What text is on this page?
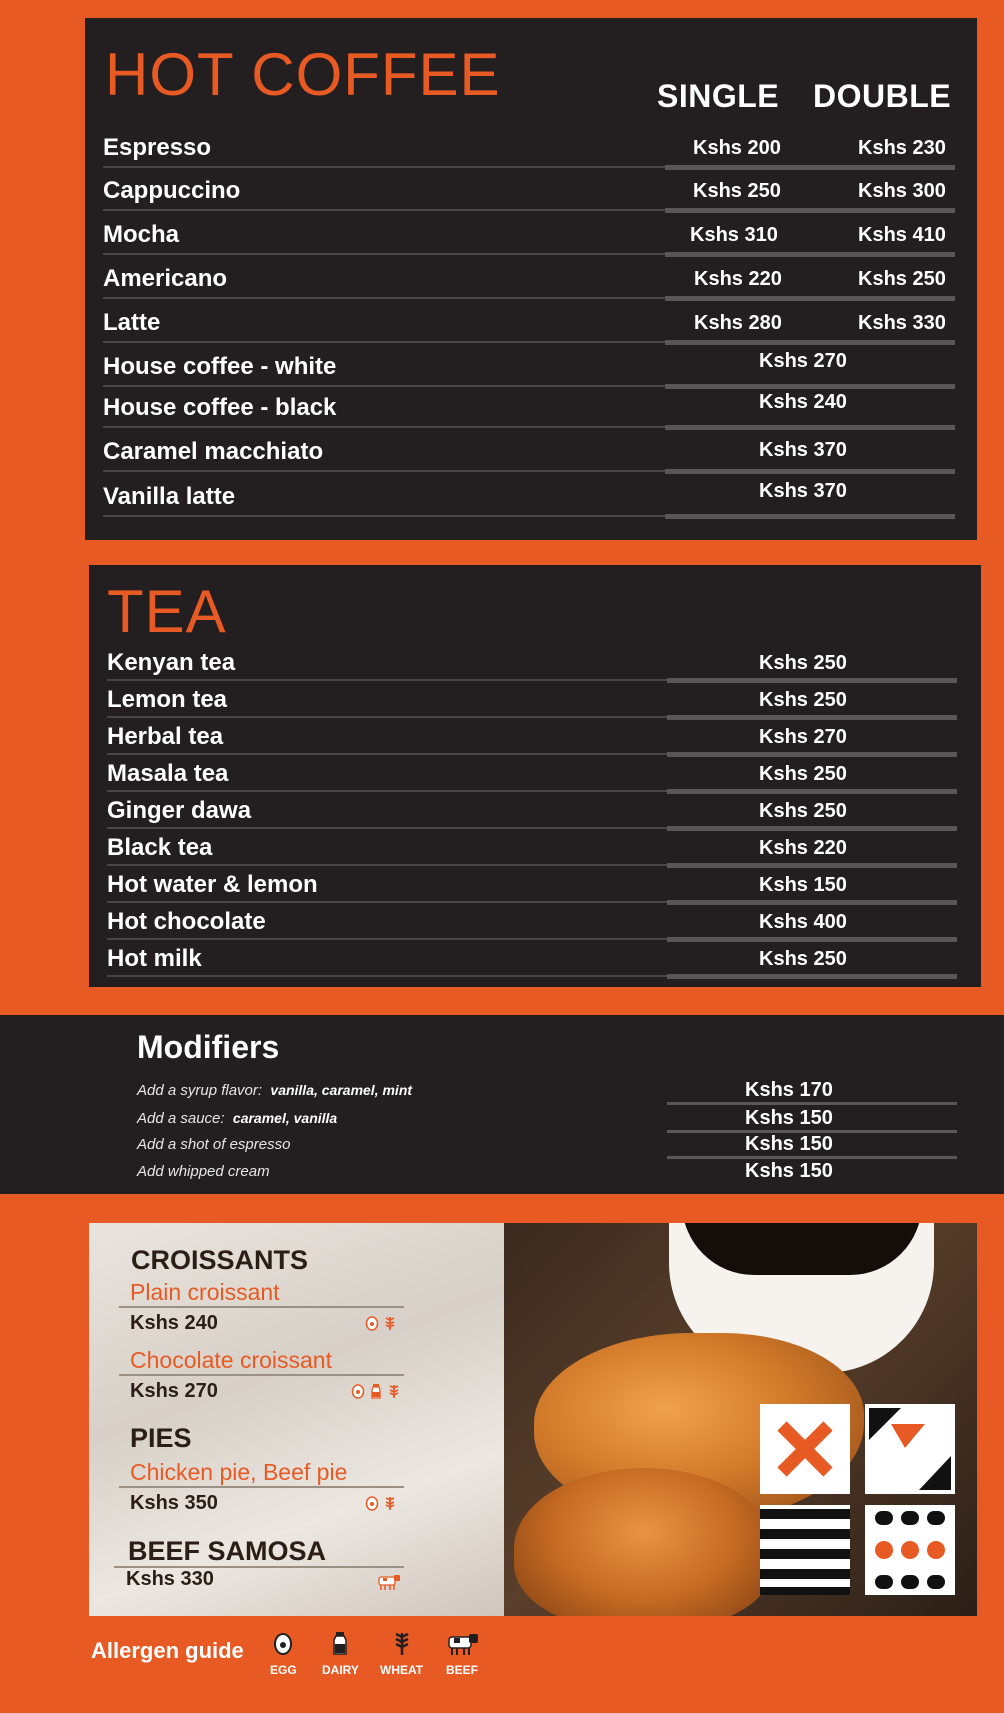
HOT COFFEE	SINGLE DOUBLE
Espresso	Kshs 200	Kshs 230
Cappuccino	Kshs 250	Kshs 300
Mocha	Kshs 310	Kshs 410
Americano	Kshs 220	Kshs 250
Latte	Kshs 280	Kshs 330
House coffee - white	Kshs 270
House coffee - black	Kshs 240
Caramel macchiato	Kshs 370
Vanilla latte	Kshs 370
TEA
Kenyan tea	Kshs 250
Lemon tea	Kshs 250
Herbal tea	Kshs 270
Masala tea	Kshs 250
Ginger dawa	Kshs 250
Black tea	Kshs 220
Hot water & lemon	Kshs 150
Hot chocolate	Kshs 400
Hot milk	Kshs 250
Modifiers
Add a syrup flavor: vanilla, caramel, mint	Kshs 170
Add a sauce: caramel, vanilla	Kshs 150
Add a shot of espresso	Kshs 150
Add whipped cream	Kshs 150
CROISSANTS
Plain croissant
Kshs 240
Chocolate croissant
Kshs 270
PIES
Chicken pie, Beef pie
Kshs 350
BEEF SAMOSA
Kshs 330
Allergen guide
EGG DAIRY WHEAT BEEF
